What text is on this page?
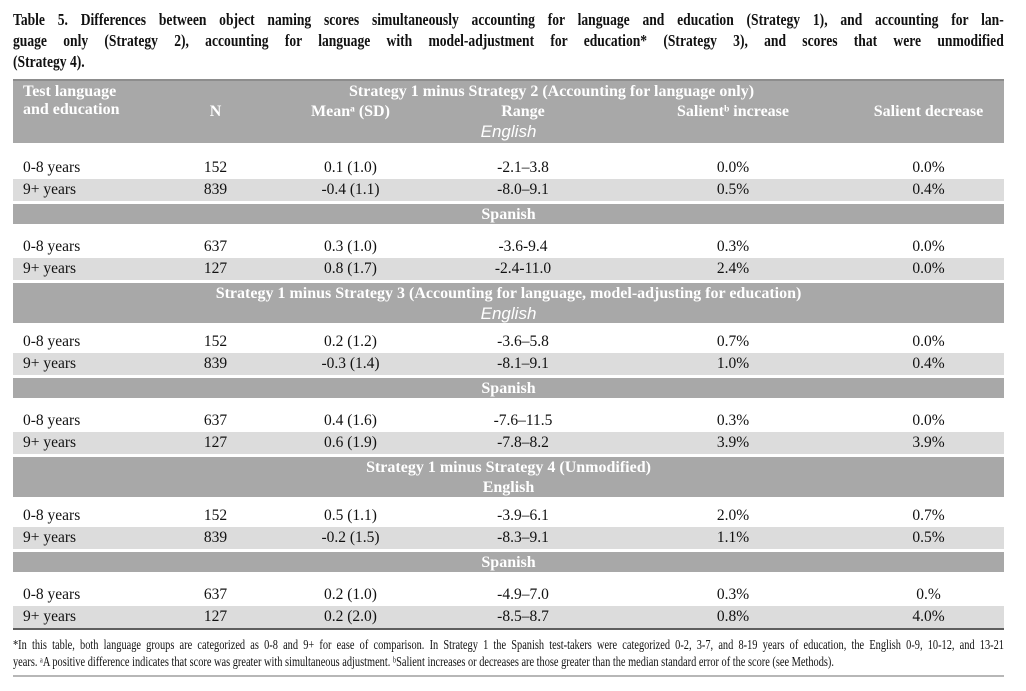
Table 5. Differences between object naming scores simultaneously accounting for language and education (Strategy 1), and accounting for lan-
guage only (Strategy 2), accounting for language with model-adjustment for education* (Strategy 3), and scores that were unmodified
(Strategy 4).
Test language
and education	Strategy 1 minus Strategy 2 (Accounting for language only)				
	N	Meanᵃ (SD)	Range	Salientᵇ increase	Salient decrease
English					

0-8 years	152	0.1 (1.0)	-2.1–3.8	0.0%	0.0%
9+ years	839	-0.4 (1.1)	-8.0–9.1	0.5%	0.4%

Spanish					

0-8 years	637	0.3 (1.0)	-3.6-9.4	0.3%	0.0%
9+ years	127	0.8 (1.7)	-2.4-11.0	2.4%	0.0%

Strategy 1 minus Strategy 3 (Accounting for language, model-adjusting for education)
English					

0-8 years	152	0.2 (1.2)	-3.6–5.8	0.7%	0.0%
9+ years	839	-0.3 (1.4)	-8.1–9.1	1.0%	0.4%

Spanish					

0-8 years	637	0.4 (1.6)	-7.6–11.5	0.3%	0.0%
9+ years	127	0.6 (1.9)	-7.8–8.2	3.9%	3.9%

Strategy 1 minus Strategy 4 (Unmodified)
English					

0-8 years	152	0.5 (1.1)	-3.9–6.1	2.0%	0.7%
9+ years	839	-0.2 (1.5)	-8.3–9.1	1.1%	0.5%

Spanish					

0-8 years	637	0.2 (1.0)	-4.9–7.0	0.3%	0.%
9+ years	127	0.2 (2.0)	-8.5–8.7	0.8%	4.0%
*In this table, both language groups are categorized as 0-8 and 9+ for ease of comparison. In Strategy 1 the Spanish test-takers were categorized 0-2, 3-7, and 8-19 years of education, the English 0-9, 10-12, and 13-21
years. ᵃA positive difference indicates that score was greater with simultaneous adjustment. ᵇSalient increases or decreases are those greater than the median standard error of the score (see Methods).
